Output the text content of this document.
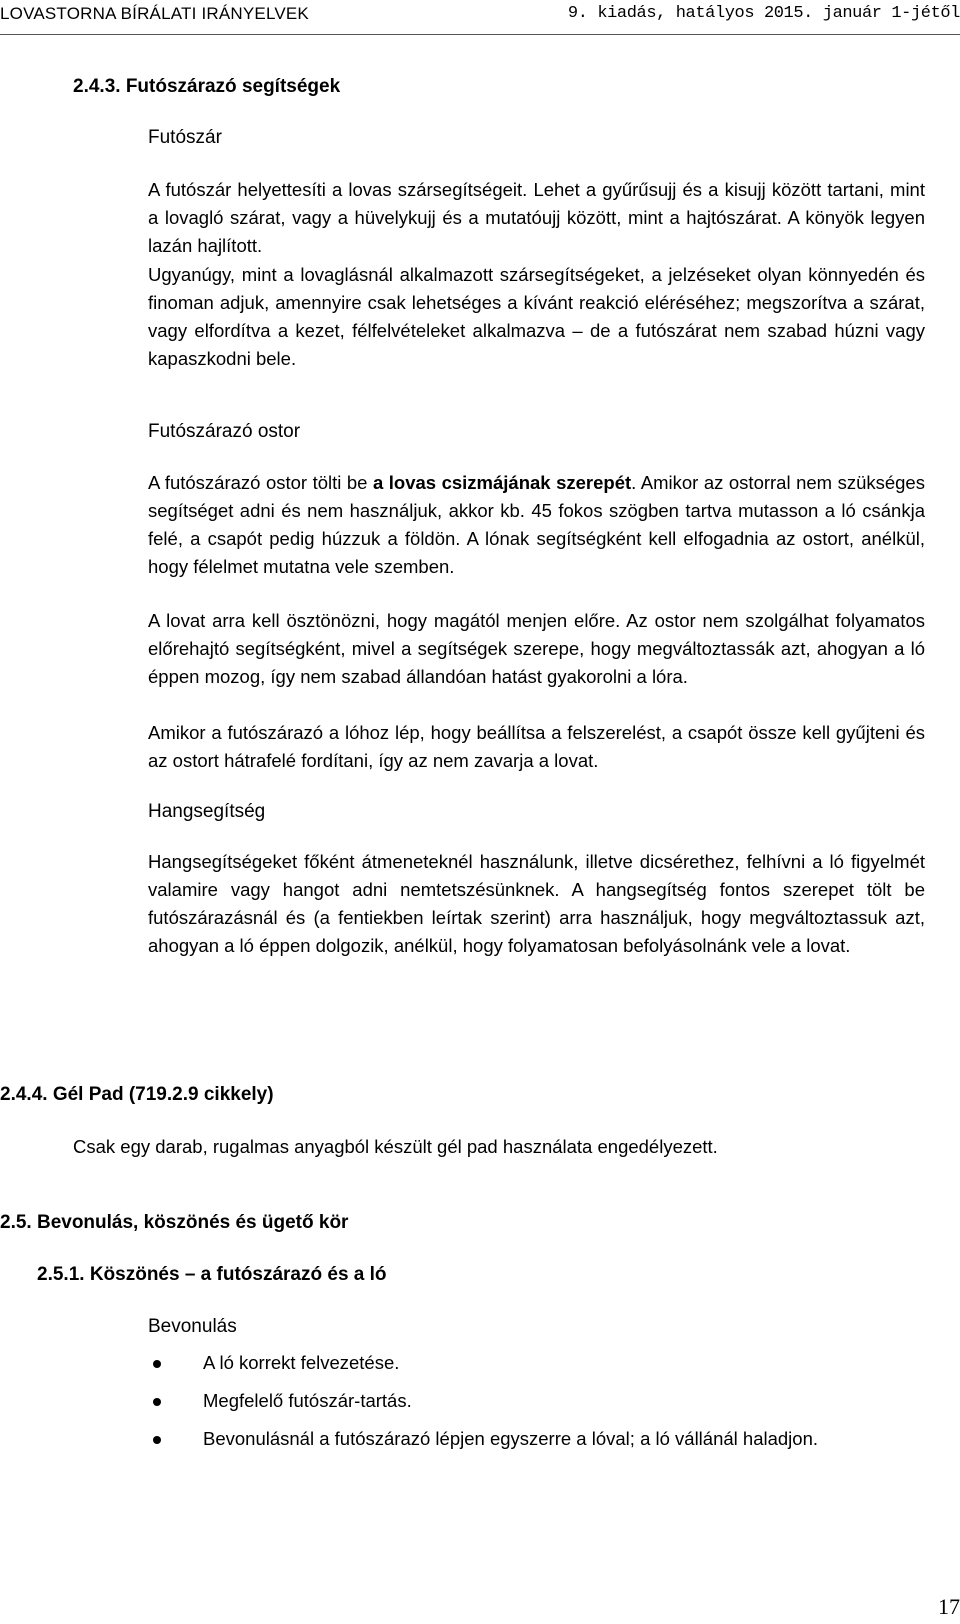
LOVASTORNA BÍRÁLATI IRÁNYELVEK	9. kiadás, hatályos 2015. január 1-jétől
2.4.3. Futószárazó segítségek
Futószár

A futószár helyettesíti a lovas szársegítségeit. Lehet a gyűrűsujj és a kisujj között tartani, mint a lovagló szárat, vagy a hüvelykujj és a mutatóujj között, mint a hajtószárat. A könyök legyen lazán hajlított.

Ugyanúgy, mint a lovaglásnál alkalmazott szársegítségeket, a jelzéseket olyan könnyedén és finoman adjuk, amennyire csak lehetséges a kívánt reakció eléréséhez; megszorítva a szárat, vagy elfordítva a kezet, félfelvételeket alkalmazva – de a futószárat nem szabad húzni vagy kapaszkodni bele.

Futószárazó ostor

A futószárazó ostor tölti be a lovas csizmájának szerepét. Amikor az ostorral nem szükséges segítséget adni és nem használjuk, akkor kb. 45 fokos szögben tartva mutasson a ló csánkja felé, a csapót pedig húzzuk a földön. A lónak segítségként kell elfogadnia az ostort, anélkül, hogy félelmet mutatna vele szemben.

A lovat arra kell ösztönözni, hogy magától menjen előre. Az ostor nem szolgálhat folyamatos előrehajtó segítségként, mivel a segítségek szerepe, hogy megváltoztassák azt, ahogyan a ló éppen mozog, így nem szabad állandóan hatást gyakorolni a lóra.

Amikor a futószárazó a lóhoz lép, hogy beállítsa a felszerelést, a csapót össze kell gyűjteni és az ostort hátrafelé fordítani, így az nem zavarja a lovat.

Hangsegítség

Hangsegítségeket főként átmeneteknél használunk, illetve dicsérethez, felhívni a ló figyelmét valamire vagy hangot adni nemtetszésünknek. A hangsegítség fontos szerepet tölt be futószárazásnál és (a fentiekben leírtak szerint) arra használjuk, hogy megváltoztassuk azt, ahogyan a ló éppen dolgozik, anélkül, hogy folyamatosan befolyásolnánk vele a lovat.

2.4.4. Gél Pad (719.2.9 cikkely)

Csak egy darab, rugalmas anyagból készült gél pad használata engedélyezett.

2.5. Bevonulás, köszönés és ügető kör
2.5.1. Köszönés – a futószárazó és a ló
Bevonulás
A ló korrekt felvezetése.
Megfelelő futószár-tartás.
Bevonulásnál a futószárazó lépjen egyszerre a lóval; a ló vállánál haladjon.
17
